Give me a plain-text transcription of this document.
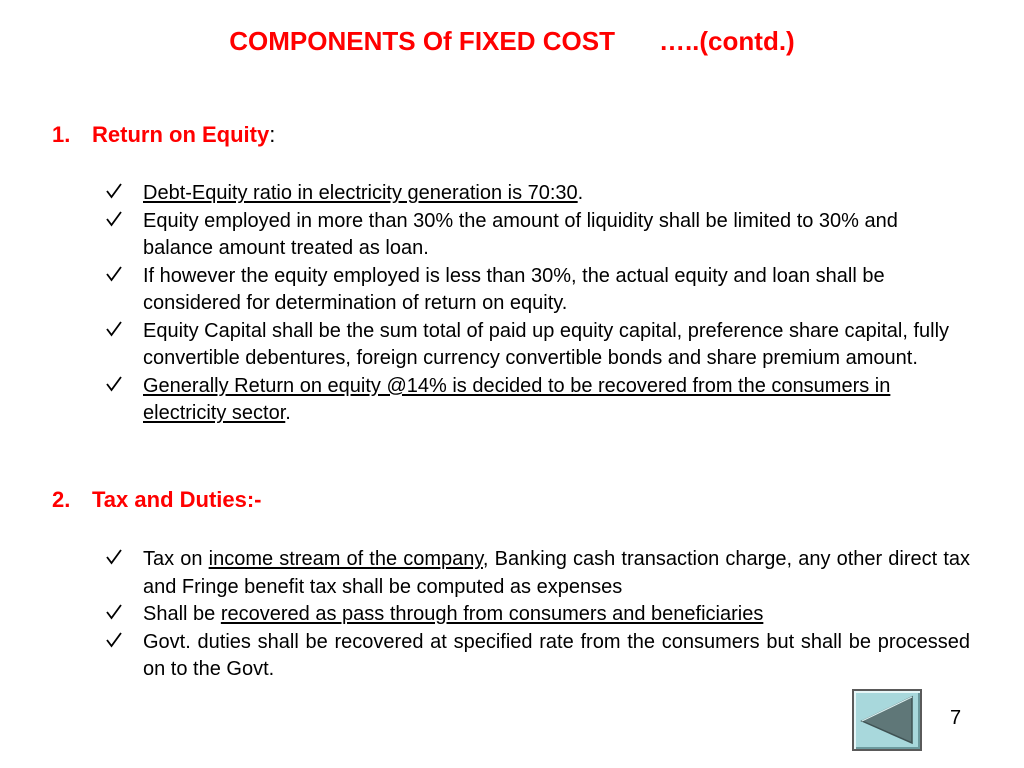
COMPONENTS Of FIXED COST …..(contd.)
1. Return on Equity:
Debt-Equity ratio in electricity generation is 70:30.
Equity employed in more than 30% the amount of liquidity shall be limited to 30% and balance amount treated as loan.
If however the equity employed is less than 30%, the actual equity and loan shall be considered for determination of return on equity.
Equity Capital shall be the sum total of paid up equity capital, preference share capital, fully convertible debentures, foreign currency convertible bonds and share premium amount.
Generally Return on equity @14% is decided to be recovered from the consumers in electricity sector.
2. Tax and Duties:-
Tax on income stream of the company, Banking cash transaction charge, any other direct tax and Fringe benefit tax shall be computed as expenses
Shall be recovered as pass through from consumers and beneficiaries
Govt. duties shall be recovered at specified rate from the consumers but shall be processed on to the Govt.
7
